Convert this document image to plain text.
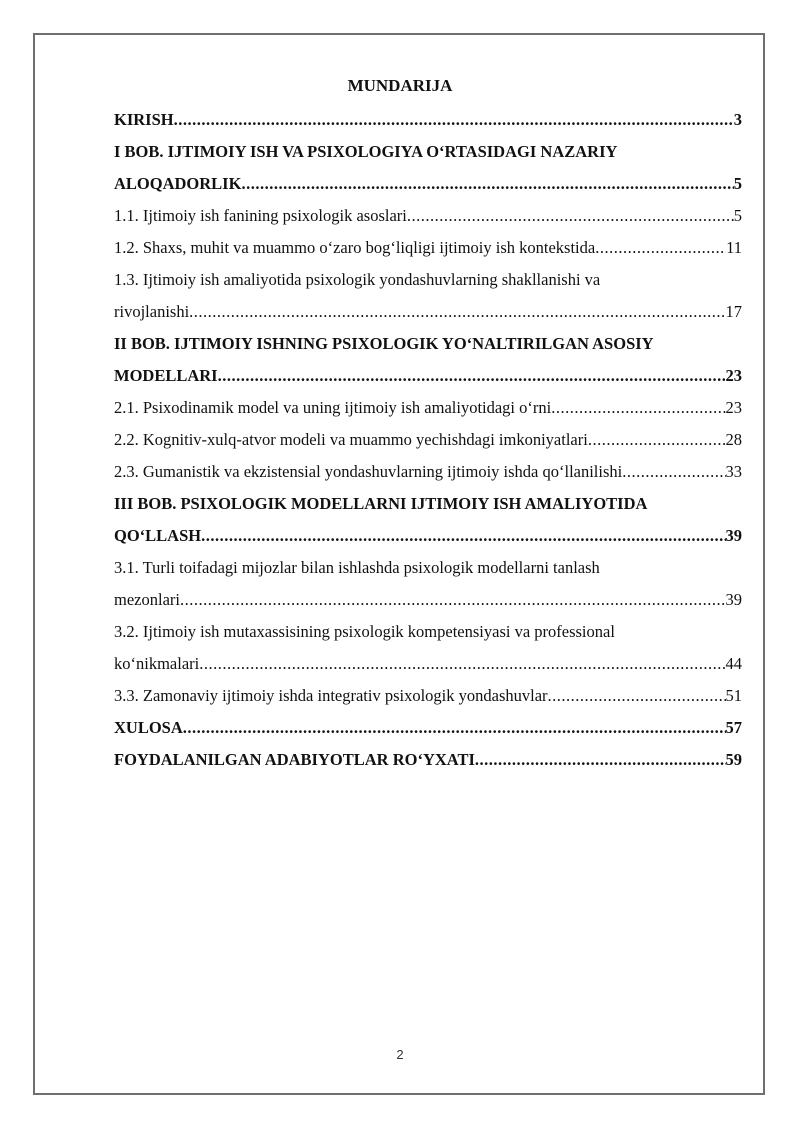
MUNDARIJA
KIRISH .....	3
I BOB. IJTIMOIY ISH VA PSIXOLOGIYA O‘RTASIDAGI NAZARIY
ALOQADORLIK .....	5
1.1. Ijtimoiy ish fanining psixologik asoslari .....	5
1.2. Shaxs, muhit va muammo o‘zaro bog‘liqligi ijtimoiy ish kontekstida .....	11
1.3. Ijtimoiy ish amaliyotida psixologik yondashuvlarning shakllanishi va
rivojlanishi .....	17
II BOB. IJTIMOIY ISHNING PSIXOLOGIK YO‘NALTIRILGAN ASOSIY
MODELLARI .....	23
2.1. Psixodinamik model va uning ijtimoiy ish amaliyotidagi o‘rni .....	23
2.2. Kognitiv-xulq-atvor modeli va muammo yechishdagi imkoniyatlari .....	28
2.3. Gumanistik va ekzistensial yondashuvlarning ijtimoiy ishda qo‘llanilishi .....	33
III BOB. PSIXOLOGIK MODELLARNI IJTIMOIY ISH AMALIYOTIDA
QO‘LLASH .....	39
3.1. Turli toifadagi mijozlar bilan ishlashda psixologik modellarni tanlash
mezonlari .....	39
3.2. Ijtimoiy ish mutaxassisining psixologik kompetensiyasi va professional
ko‘nikmalari .....	44
3.3. Zamonaviy ijtimoiy ishda integrativ psixologik yondashuvlar .....	51
XULOSA .....	57
FOYDALANILGAN ADABIYOTLAR RO‘YXATI .....	59
2
